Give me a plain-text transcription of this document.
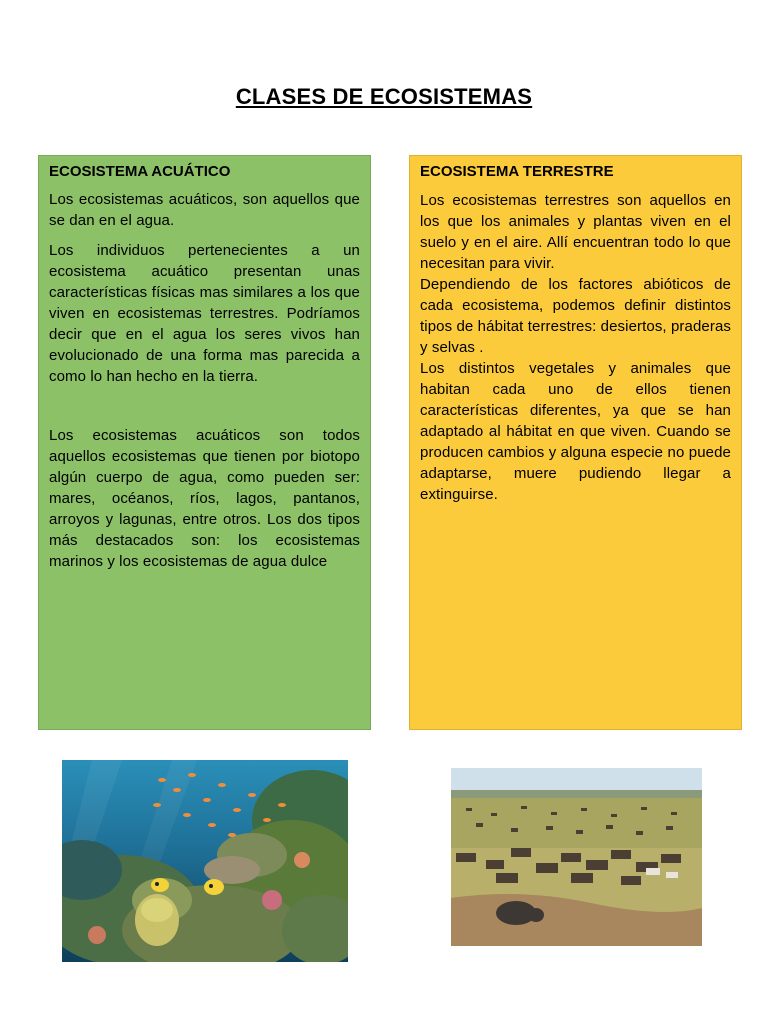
CLASES DE ECOSISTEMAS
ECOSISTEMA ACUÁTICO

Los ecosistemas acuáticos, son aquellos que se dan en el agua.

Los individuos pertenecientes a un ecosistema acuático presentan unas características físicas mas similares a los que viven en ecosistemas terrestres. Podríamos decir que en el agua los seres vivos han evolucionado de una forma mas parecida a como lo han hecho en la tierra.

Los ecosistemas acuáticos son todos aquellos ecosistemas que tienen por biotopo algún cuerpo de agua, como pueden ser: mares, océanos, ríos, lagos, pantanos, arroyos y lagunas, entre otros. Los dos tipos más destacados son: los ecosistemas marinos y los ecosistemas de agua dulce

ECOSISTEMA TERRESTRE

Los ecosistemas terrestres son aquellos en los que los animales y plantas viven en el suelo y en el aire. Allí encuentran todo lo que necesitan para vivir.

Dependiendo de los factores abióticos de cada ecosistema, podemos definir distintos tipos de hábitat terrestres: desiertos, praderas y selvas .

Los distintos vegetales y animales que habitan cada uno de ellos tienen características diferentes, ya que se han adaptado al hábitat en que viven. Cuando se producen cambios y alguna especie no puede adaptarse, muere pudiendo llegar a extinguirse.
